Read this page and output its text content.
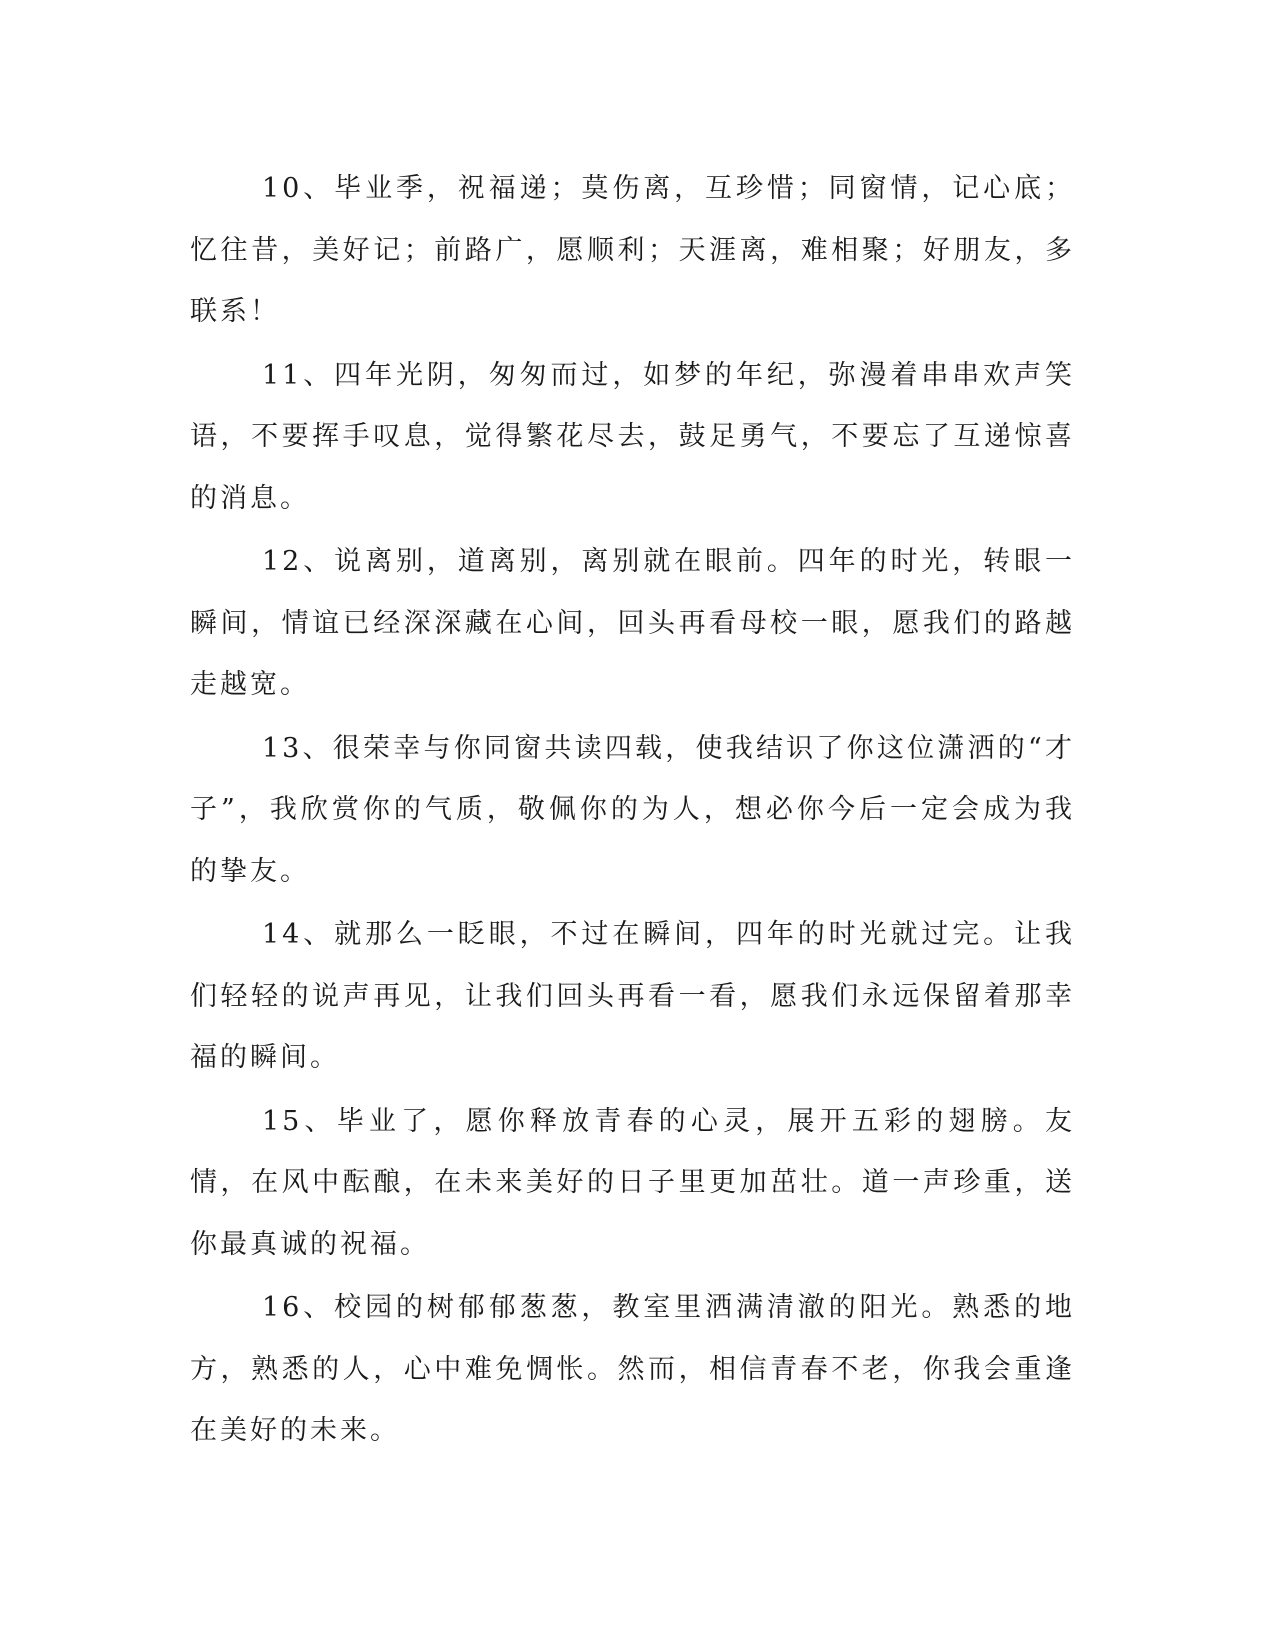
10、毕业季，祝福递；莫伤离，互珍惜；同窗情，记心底；忆往昔，美好记；前路广，愿顺利；天涯离，难相聚；好朋友，多联系！

11、四年光阴，匆匆而过，如梦的年纪，弥漫着串串欢声笑语，不要挥手叹息，觉得繁花尽去，鼓足勇气，不要忘了互递惊喜的消息。

12、说离别，道离别，离别就在眼前。四年的时光，转眼一瞬间，情谊已经深深藏在心间，回头再看母校一眼，愿我们的路越走越宽。

13、很荣幸与你同窗共读四载，使我结识了你这位潇洒的“才子”，我欣赏你的气质，敬佩你的为人，想必你今后一定会成为我的挚友。

14、就那么一眨眼，不过在瞬间，四年的时光就过完。让我们轻轻的说声再见，让我们回头再看一看，愿我们永远保留着那幸福的瞬间。

15、毕业了，愿你释放青春的心灵，展开五彩的翅膀。友情，在风中酝酿，在未来美好的日子里更加茁壮。道一声珍重，送你最真诚的祝福。

16、校园的树郁郁葱葱，教室里洒满清澈的阳光。熟悉的地方，熟悉的人，心中难免惆怅。然而，相信青春不老，你我会重逢在美好的未来。
